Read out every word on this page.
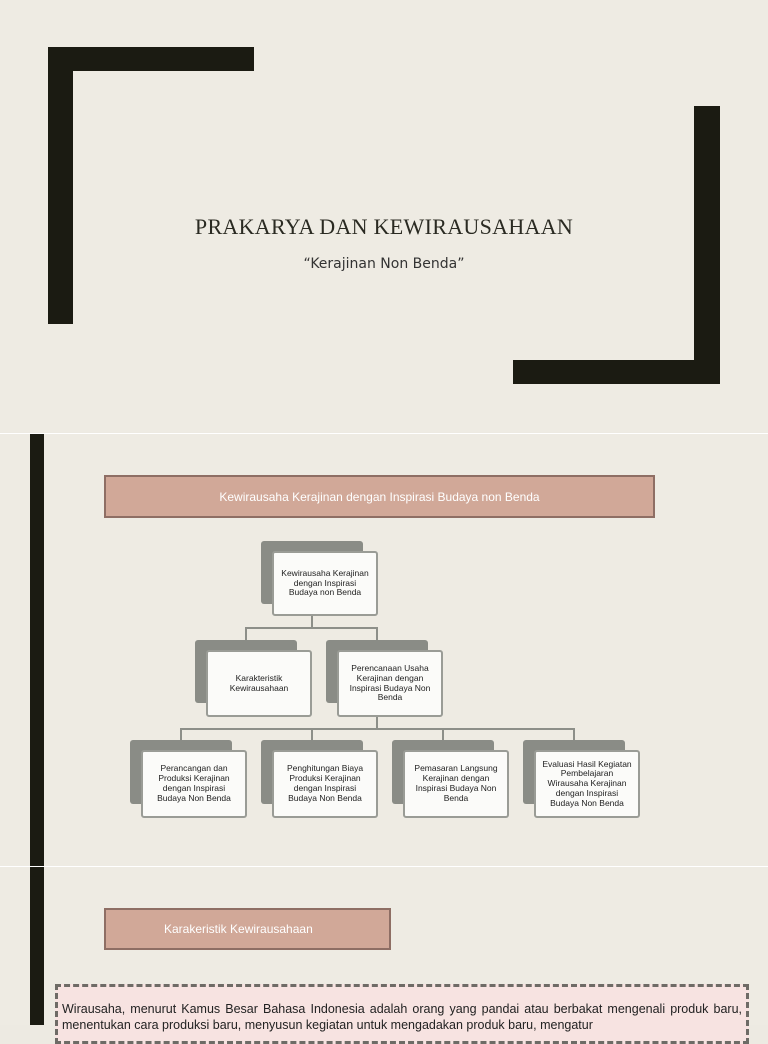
PRAKARYA DAN KEWIRAUSAHAAN
“Kerajinan Non Benda”
Kewirausaha Kerajinan dengan Inspirasi Budaya non Benda
Kewirausaha Kerajinan dengan Inspirasi Budaya non Benda
Karakteristik Kewirausahaan
Perencanaan Usaha Kerajinan dengan Inspirasi Budaya Non Benda
Perancangan dan Produksi Kerajinan dengan Inspirasi Budaya Non Benda
Penghitungan Biaya Produksi Kerajinan dengan Inspirasi Budaya Non Benda
Pemasaran Langsung Kerajinan dengan Inspirasi Budaya Non Benda
Evaluasi Hasil Kegiatan Pembelajaran Wirausaha Kerajinan dengan Inspirasi Budaya Non Benda
Karakeristik Kewirausahaan
Wirausaha, menurut Kamus Besar Bahasa Indonesia adalah orang yang pandai atau berbakat mengenali produk baru, menentukan cara produksi baru, menyusun kegiatan untuk mengadakan produk baru, mengatur
